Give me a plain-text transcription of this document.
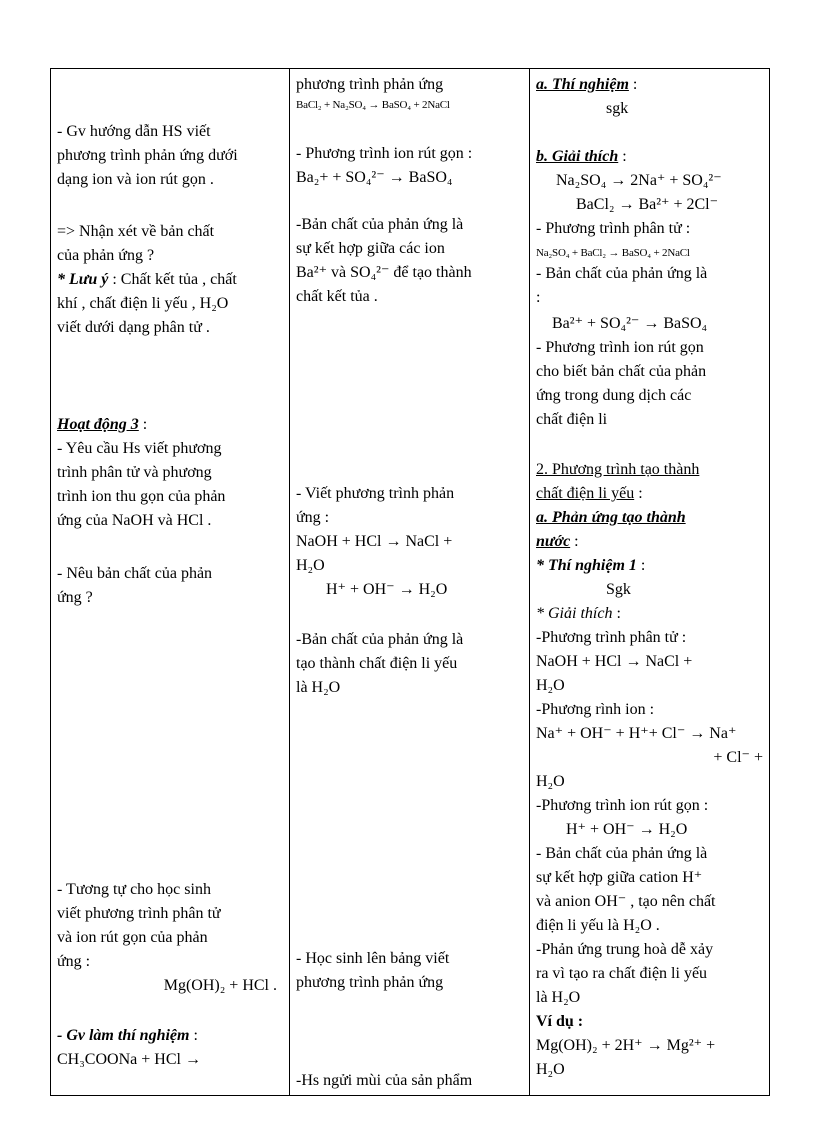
- Gv hướng dẫn HS viết
phương trình phản ứng dưới
dạng ion và ion rút gọn .
=> Nhận xét về bản chất
của phản ứng ?
* Lưu ý : Chất kết tủa , chất
khí , chất điện li yếu , H₂O
viết dưới dạng phân tử .
Hoạt động 3 :
- Yêu cầu Hs viết phương
trình phân tử và phương
trình ion thu gọn của phản
ứng của NaOH và HCl .
- Nêu bản chất của phản
ứng ?
- Tương tự cho học sinh
viết phương trình phân tử
và ion rút gọn của phản
ứng :
Mg(OH)₂ + HCl .
- Gv làm thí nghiệm :
CH₃COONa + HCl →

phương trình phản ứng
BaCl₂ + Na₂SO₄ → BaSO₄ + 2NaCl
- Phương trình ion rút gọn :
Ba₂+ + SO₄²⁻ → BaSO₄
-Bản chất của phản ứng là
sự kết hợp giữa các ion
Ba²⁺ và SO₄²⁻ để tạo thành
chất kết tủa .
- Viết phương trình phản
ứng :
NaOH + HCl → NaCl +
H₂O
H⁺ + OH⁻ → H₂O
-Bản chất của phản ứng là
tạo thành chất điện li yếu
là H₂O
- Học sinh lên bảng viết
phương trình phản ứng
-Hs ngửi mùi của sản phẩm

a. Thí nghiệm :
sgk
b. Giải thích :
Na₂SO₄ → 2Na⁺ + SO₄²⁻
BaCl₂ → Ba²⁺ + 2Cl⁻
- Phương trình phân tử :
Na₂SO₄ + BaCl₂ → BaSO₄ + 2NaCl
- Bản chất của phản ứng là
:
Ba²⁺ + SO₄²⁻ → BaSO₄
- Phương trình ion rút gọn
cho biết bản chất của phản
ứng trong dung dịch các
chất điện li
2. Phương trình tạo thành
chất điện li yếu :
a. Phản ứng tạo thành
nước :
* Thí nghiệm 1 :
Sgk
* Giải thích :
-Phương trình phân tử :
NaOH + HCl → NaCl +
H₂O
-Phương rình ion :
Na⁺ + OH⁻ + H⁺+ Cl⁻ → Na⁺
+ Cl⁻ +
H₂O
-Phương trình ion rút gọn :
H⁺ + OH⁻ → H₂O
- Bản chất của phản ứng là
sự kết hợp giữa cation H⁺
và anion OH⁻ , tạo nên chất
điện li yếu là H₂O .
-Phản ứng trung hoà dễ xảy
ra vì tạo ra chất điện li yếu
là H₂O
Ví dụ :
Mg(OH)₂ + 2H⁺ → Mg²⁺ +
H₂O
